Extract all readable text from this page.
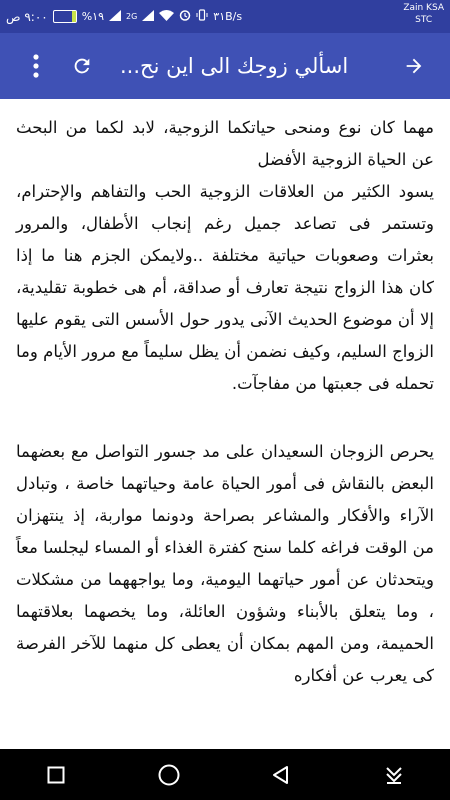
٩:٠٠ ص + %١٩	2G	٣١B/s
Zain KSA
STC
اسألي زوجك الى اين نح...

مهما كان نوع ومنحى حياتكما الزوجية، لابد لكما من البحث عن الحياة الزوجية الأفضل
يسود الكثير من العلاقات الزوجية الحب والتفاهم والإحترام، وتستمر فى تصاعد جميل رغم إنجاب الأطفال، والمرور بعثرات وصعوبات حياتية مختلفة ..ولايمكن الجزم هنا ما إذا كان هذا الزواج نتيجة تعارف أو صداقة، أم هى خطوبة تقليدية، إلا أن موضوع الحديث الآنى يدور حول الأسس التى يقوم عليها الزواج السليم، وكيف نضمن أن يظل سليماً مع مرور الأيام وما تحمله فى جعبتها من مفاجآت.

يحرص الزوجان السعيدان على مد جسور التواصل مع بعضهما البعض بالنقاش فى أمور الحياة عامة وحياتهما خاصة ، وتبادل الآراء والأفكار والمشاعر بصراحة ودونما مواربة، إذ ينتهزان من الوقت فراغه كلما سنح كفترة الغذاء أو المساء ليجلسا معاً ويتحدثان عن أمور حياتهما اليومية، وما يواجههما من مشكلات ، وما يتعلق بالأبناء وشؤون العائلة، وما يخصهما بعلاقتهما الحميمة، ومن المهم بمكان أن يعطى كل منهما للآخر الفرصة كى يعرب عن أفكاره
